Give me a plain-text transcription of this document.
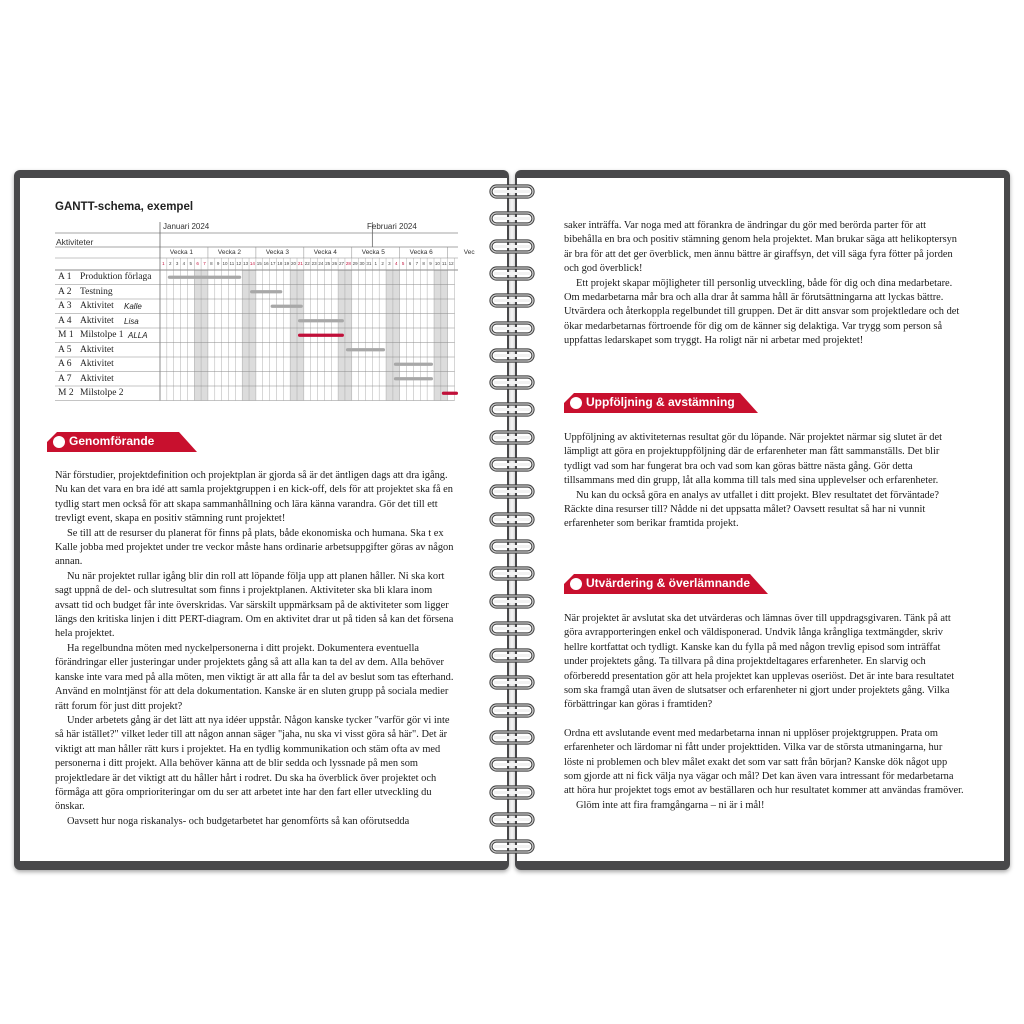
GANTT-schema, exempel
Aktiviteter
Januari 2024	Februari 2024
Vecka 1	Vecka 2	Vecka 3	Vecka 4	Vecka 5	Vecka 6	Vec
1 2 3 4 5 6 7 8 9 10 11 12 13 14 15 16 17 18 19 20 21 22 23 24 25 26 27 28 29 30 31 1 2 3 4 5 6 7 8 9 10 11 12
A 1 Produktion förlaga
A 2 Testning
A 3 Aktivitet Kalle
A 4 Aktivitet Lisa
M 1 Milstolpe 1 ALLA
A 5 Aktivitet
A 6 Aktivitet
A 7 Aktivitet
M 2 Milstolpe 2
Genomförande

När förstudier, projektdefinition och projektplan är gjorda så är det äntligen dags att dra igång. Nu kan det vara en bra idé att samla projektgruppen i en kick-off, dels för att projektet ska få en tydlig start men också för att skapa sammanhållning och lära känna varandra. Gör det till ett trevligt event, skapa en positiv stämning runt projektet!

Se till att de resurser du planerat för finns på plats, både ekonomiska och humana. Ska t ex Kalle jobba med projektet under tre veckor måste hans ordinarie arbetsuppgifter göras av någon annan.

Nu när projektet rullar igång blir din roll att löpande följa upp att planen håller. Ni ska kort sagt uppnå de del- och slutresultat som finns i projektplanen. Aktiviteter ska bli klara inom avsatt tid och budget får inte överskridas. Var särskilt uppmärksam på de aktiviteter som ligger längs den kritiska linjen i ditt PERT-diagram. Om en aktivitet drar ut på tiden så kan det försena hela projektet.

Ha regelbundna möten med nyckelpersonerna i ditt projekt. Dokumentera eventuella förändringar eller justeringar under projektets gång så att alla kan ta del av dem. Alla behöver kanske inte vara med på alla möten, men viktigt är att alla får ta del av beslut som tas efterhand. Använd en molntjänst för att dela dokumentation. Kanske är en sluten grupp på sociala medier rätt forum för just ditt projekt?

Under arbetets gång är det lätt att nya idéer uppstår. Någon kanske tycker "varför gör vi inte så här istället?" vilket leder till att någon annan säger "jaha, nu ska vi visst göra så här". Det är viktigt att man håller rätt kurs i projektet. Ha en tydlig kommunikation och stäm ofta av med personerna i ditt projekt. Alla behöver känna att de blir sedda och lyssnade på men som projektledare är det viktigt att du håller hårt i rodret. Du ska ha överblick över projektet och förmåga att göra omprioriteringar om du ser att arbetet inte har den fart eller utveckling du önskar.

Oavsett hur noga riskanalys- och budgetarbetet har genomförts så kan oförutsedda

saker inträffa. Var noga med att förankra de ändringar du gör med berörda parter för att bibehålla en bra och positiv stämning genom hela projektet. Man brukar säga att helikoptersyn är bra för att det ger överblick, men ännu bättre är giraffsyn, det vill säga fyra fötter på jorden och god överblick!

Ett projekt skapar möjligheter till personlig utveckling, både för dig och dina medarbetare. Om medarbetarna mår bra och alla drar åt samma håll är förutsättningarna att lyckas bättre. Utvärdera och återkoppla regelbundet till gruppen. Det är ditt ansvar som projektledare och det ökar medarbetarnas förtroende för dig om de känner sig delaktiga. Var trygg som person så uppfattas ledarskapet som tryggt. Ha roligt när ni arbetar med projektet!

Uppföljning & avstämning

Uppföljning av aktiviteternas resultat gör du löpande. När projektet närmar sig slutet är det lämpligt att göra en projektuppföljning där de erfarenheter man fått sammanställs. Det blir tydligt vad som har fungerat bra och vad som kan göras bättre nästa gång. Gör detta tillsammans med din grupp, låt alla komma till tals med sina upplevelser och erfarenheter.

Nu kan du också göra en analys av utfallet i ditt projekt. Blev resultatet det förväntade? Räckte dina resurser till? Nådde ni det uppsatta målet? Oavsett resultat så har ni vunnit erfarenheter som berikar framtida projekt.

Utvärdering & överlämnande

När projektet är avslutat ska det utvärderas och lämnas över till uppdragsgivaren. Tänk på att göra avrapporteringen enkel och väldisponerad. Undvik långa krångliga textmängder, skriv hellre kortfattat och tydligt. Kanske kan du fylla på med någon trevlig episod som inträffat under projektets gång. Ta tillvara på dina projektdeltagares erfarenheter. En slarvig och oförberedd presentation gör att hela projektet kan upplevas oseriöst. Det är inte bara resultatet som ska framgå utan även de slutsatser och erfarenheter ni gjort under projektets gång. Vilka förbättringar kan göras i framtiden?

Ordna ett avslutande event med medarbetarna innan ni upplöser projektgruppen. Prata om erfarenheter och lärdomar ni fått under projekttiden. Vilka var de största utmaningarna, hur löste ni problemen och blev målet exakt det som var satt från början? Kanske dök något upp som gjorde att ni fick välja nya vägar och mål? Det kan även vara intressant för medarbetarna att höra hur projektet togs emot av beställaren och hur resultatet kommer att användas framöver.

Glöm inte att fira framgångarna – ni är i mål!
